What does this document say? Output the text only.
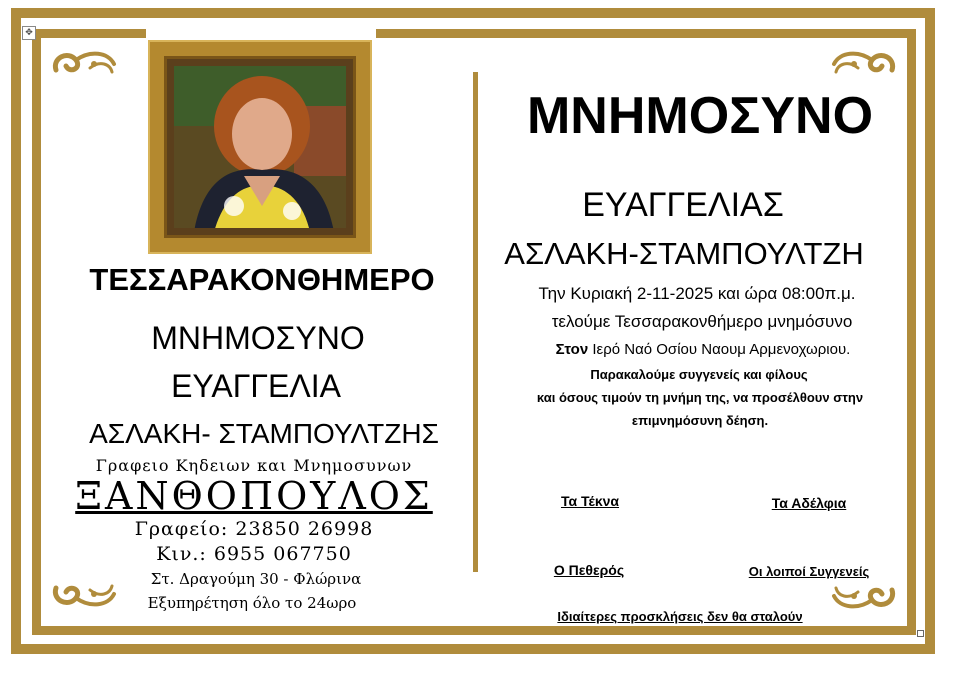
✥
ΤΕΣΣΑΡΑΚΟΝΘΗΜΕΡΟ
ΜΝΗΜΟΣΥΝΟ
ΕΥΑΓΓΕΛΙΑ
ΑΣΛΑΚΗ- ΣΤΑΜΠΟΥΛΤΖΗΣ
Γραφειο Κηδειων και Μνημοσυνων
ΞΑΝΘΟΠΟΥΛΟΣ
Γραφείο: 23850 26998
Κιν.: 6955 067750
Στ. Δραγούμη 30 - Φλώρινα
Εξυπηρέτηση όλο το 24ωρο
ΜΝΗΜΟΣΥΝΟ
ΕΥΑΓΓΕΛΙΑΣ
ΑΣΛΑΚΗ-ΣΤΑΜΠΟΥΛΤΖΗ
Την Κυριακή 2-11-2025 και ώρα 08:00π.μ.
τελούμε Τεσσαρακονθήμερο μνημόσυνο
Στον Ιερό Ναό Οσίου Ναουμ Αρμενοχωριου.
Παρακαλούμε συγγενείς και φίλους
και όσους τιμούν τη μνήμη της, να προσέλθουν στην
επιμνημόσυνη δέηση.
Τα Τέκνα	Τα Αδέλφια
Ο Πεθερός	Οι λοιποί Συγγενείς
Ιδιαίτερες προσκλήσεις δεν θα σταλούν
